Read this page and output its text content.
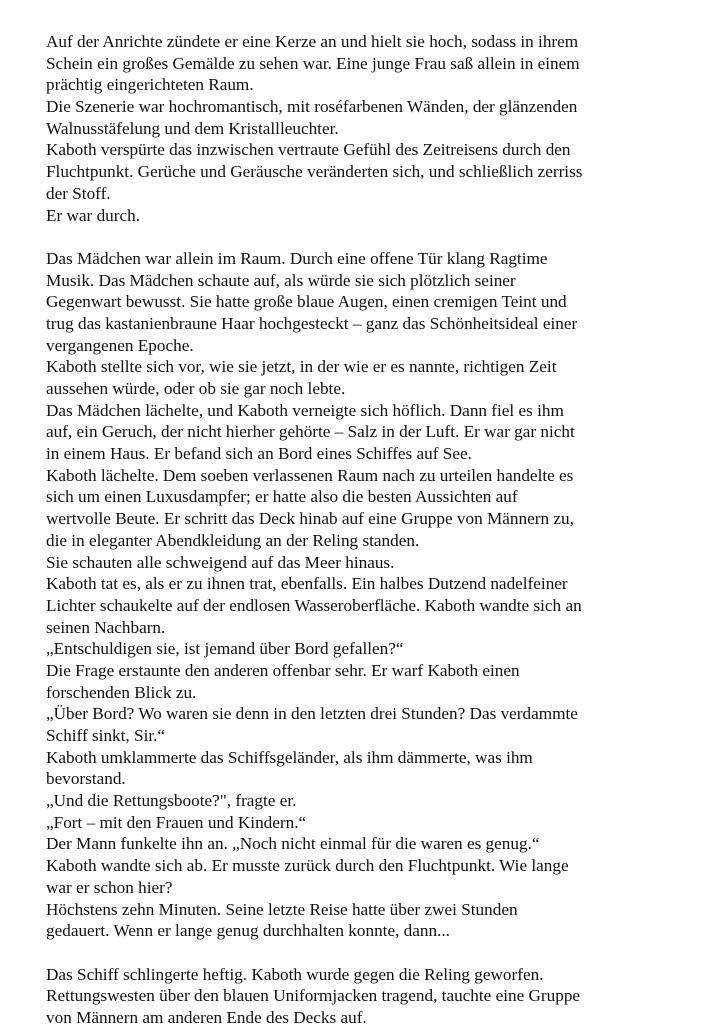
Auf der Anrichte zündete er eine Kerze an und hielt sie hoch, sodass in ihrem
Schein ein großes Gemälde zu sehen war. Eine junge Frau saß allein in einem
prächtig eingerichteten Raum.
Die Szenerie war hochromantisch, mit roséfarbenen Wänden, der glänzenden
Walnusstäfelung und dem Kristallleuchter.
Kaboth verspürte das inzwischen vertraute Gefühl des Zeitreisens durch den
Fluchtpunkt. Gerüche und Geräusche veränderten sich, und schließlich zerriss
der Stoff.
Er war durch.
Das Mädchen war allein im Raum. Durch eine offene Tür klang Ragtime
Musik. Das Mädchen schaute auf, als würde sie sich plötzlich seiner
Gegenwart bewusst. Sie hatte große blaue Augen, einen cremigen Teint und
trug das kastanienbraune Haar hochgesteckt – ganz das Schönheitsideal einer
vergangenen Epoche.
Kaboth stellte sich vor, wie sie jetzt, in der wie er es nannte, richtigen Zeit
aussehen würde, oder ob sie gar noch lebte.
Das Mädchen lächelte, und Kaboth verneigte sich höflich. Dann fiel es ihm
auf, ein Geruch, der nicht hierher gehörte – Salz in der Luft. Er war gar nicht
in einem Haus. Er befand sich an Bord eines Schiffes auf See.
Kaboth lächelte. Dem soeben verlassenen Raum nach zu urteilen handelte es
sich um einen Luxusdampfer; er hatte also die besten Aussichten auf
wertvolle Beute. Er schritt das Deck hinab auf eine Gruppe von Männern zu,
die in eleganter Abendkleidung an der Reling standen.
Sie schauten alle schweigend auf das Meer hinaus.
Kaboth tat es, als er zu ihnen trat, ebenfalls. Ein halbes Dutzend nadelfeiner
Lichter schaukelte auf der endlosen Wasseroberfläche. Kaboth wandte sich an
seinen Nachbarn.
„Entschuldigen sie, ist jemand über Bord gefallen?“
Die Frage erstaunte den anderen offenbar sehr. Er warf Kaboth einen
forschenden Blick zu.
„Über Bord? Wo waren sie denn in den letzten drei Stunden? Das verdammte
Schiff sinkt, Sir.“
Kaboth umklammerte das Schiffsgeländer, als ihm dämmerte, was ihm
bevorstand.
„Und die Rettungsboote?", fragte er.
„Fort – mit den Frauen und Kindern.“
Der Mann funkelte ihn an. „Noch nicht einmal für die waren es genug.“
Kaboth wandte sich ab. Er musste zurück durch den Fluchtpunkt. Wie lange
war er schon hier?
Höchstens zehn Minuten. Seine letzte Reise hatte über zwei Stunden
gedauert. Wenn er lange genug durchhalten konnte, dann...
Das Schiff schlingerte heftig. Kaboth wurde gegen die Reling geworfen.
Rettungswesten über den blauen Uniformjacken tragend, tauchte eine Gruppe
von Männern am anderen Ende des Decks auf.
